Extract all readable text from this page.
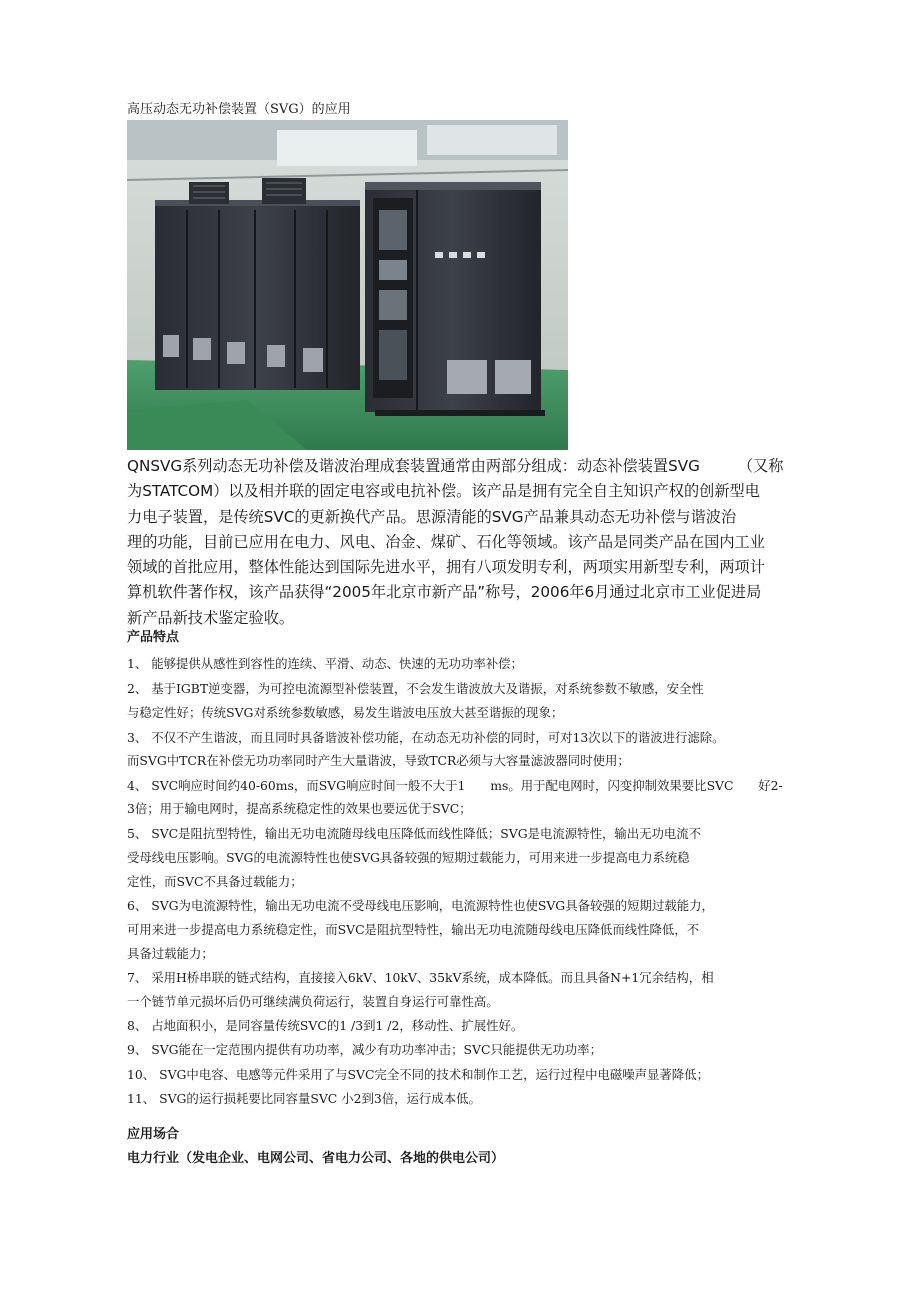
高压动态无功补偿装置（SVG）的应用
QNSVG系列动态无功补偿及谐波治理成套装置通常由两部分组成：动态补偿装置SVG　　　（又称
为STATCOM）以及相并联的固定电容或电抗补偿。该产品是拥有完全自主知识产权的创新型电
力电子装置，是传统SVC的更新换代产品。思源清能的SVG产品兼具动态无功补偿与谐波治
理的功能，目前已应用在电力、风电、冶金、煤矿、石化等领域。该产品是同类产品在国内工业
领域的首批应用，整体性能达到国际先进水平，拥有八项发明专利，两项实用新型专利，两项计
算机软件著作权，该产品获得“2005年北京市新产品”称号，2006年6月通过北京市工业促进局
新产品新技术鉴定验收。
产品特点
1、 能够提供从感性到容性的连续、平滑、动态、快速的无功功率补偿；
2、 基于IGBT逆变器，为可控电流源型补偿装置，不会发生谐波放大及谐振，对系统参数不敏感，安全性
与稳定性好；传统SVG对系统参数敏感，易发生谐波电压放大甚至谐振的现象；
3、 不仅不产生谐波，而且同时具备谐波补偿功能，在动态无功补偿的同时，可对13次以下的谐波进行滤除。
而SVG中TCR在补偿无功功率同时产生大量谐波，导致TCR必须与大容量滤波器同时使用；
4、 SVC响应时间约40-60ms，而SVG响应时间一般不大于1　　ms。用于配电网时，闪变抑制效果要比SVC　　好2-
3倍；用于输电网时，提高系统稳定性的效果也要远优于SVC；
5、 SVC是阻抗型特性，输出无功电流随母线电压降低而线性降低；SVG是电流源特性，输出无功电流不
受母线电压影响。SVG的电流源特性也使SVG具备较强的短期过载能力，可用来进一步提高电力系统稳
定性，而SVC不具备过载能力；
6、 SVG为电流源特性，输出无功电流不受母线电压影响，电流源特性也使SVG具备较强的短期过载能力，
可用来进一步提高电力系统稳定性，而SVC是阻抗型特性，输出无功电流随母线电压降低而线性降低，不
具备过载能力；
7、 采用H桥串联的链式结构，直接接入6kV、10kV、35kV系统，成本降低。而且具备N+1冗余结构，相
一个链节单元损坏后仍可继续满负荷运行，装置自身运行可靠性高。
8、 占地面积小，是同容量传统SVC的1 /3到1 /2，移动性、扩展性好。
9、 SVG能在一定范围内提供有功功率，减少有功功率冲击；SVC只能提供无功功率；
10、 SVG中电容、电感等元件采用了与SVC完全不同的技术和制作工艺，运行过程中电磁噪声显著降低；
11、 SVG的运行损耗要比同容量SVC 小2到3倍，运行成本低。
应用场合
电力行业（发电企业、电网公司、省电力公司、各地的供电公司）
